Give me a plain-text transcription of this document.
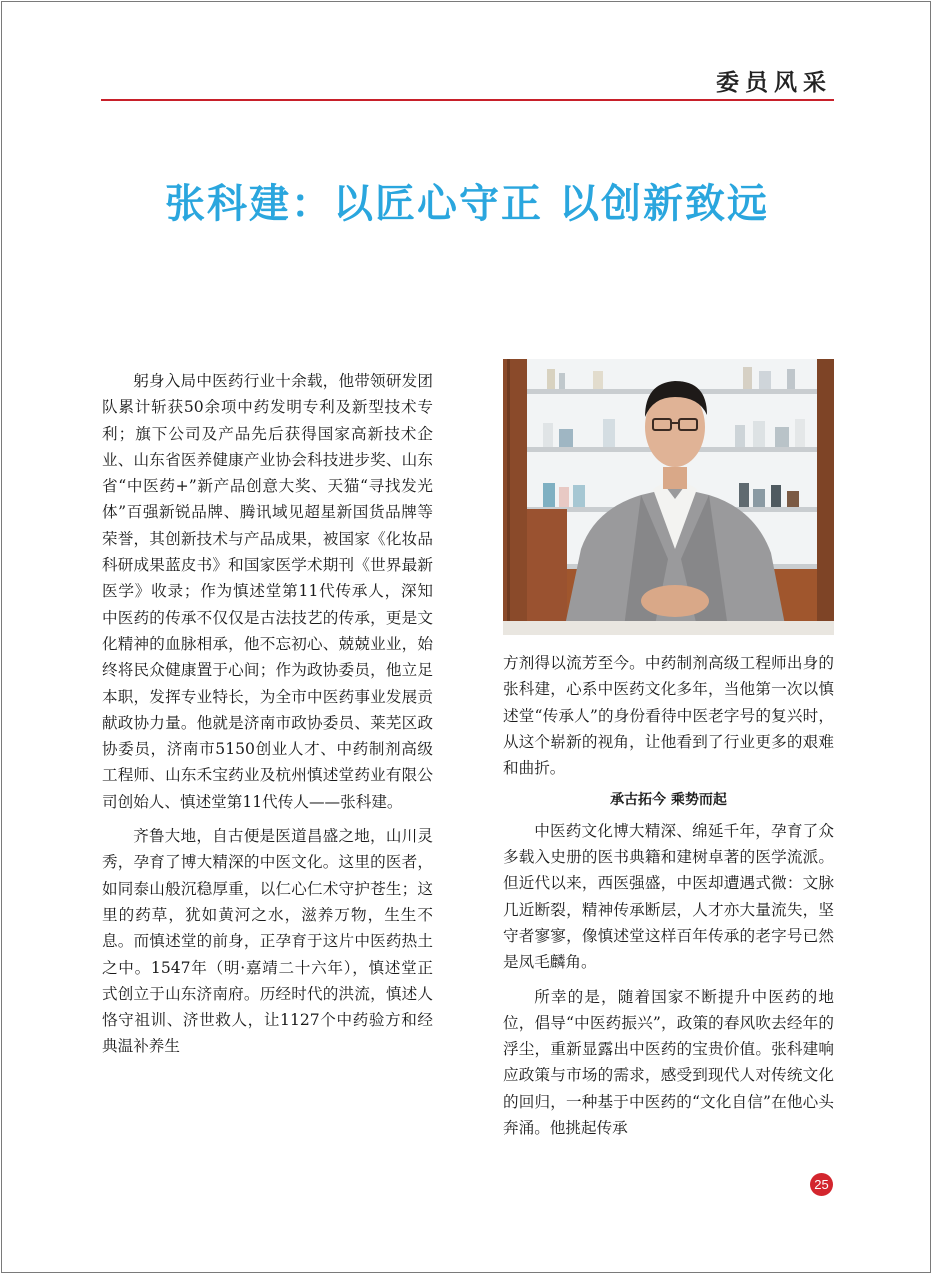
委员风采
张科建：以匠心守正 以创新致远

躬身入局中医药行业十余载，他带领研发团队累计斩获50余项中药发明专利及新型技术专利；旗下公司及产品先后获得国家高新技术企业、山东省医养健康产业协会科技进步奖、山东省“中医药+”新产品创意大奖、天猫“寻找发光体”百强新锐品牌、腾讯域见超星新国货品牌等荣誉，其创新技术与产品成果，被国家《化妆品科研成果蓝皮书》和国家医学术期刊《世界最新医学》收录；作为慎述堂第11代传承人，深知中医药的传承不仅仅是古法技艺的传承，更是文化精神的血脉相承，他不忘初心、兢兢业业，始终将民众健康置于心间；作为政协委员，他立足本职，发挥专业特长，为全市中医药事业发展贡献政协力量。他就是济南市政协委员、莱芜区政协委员，济南市5150创业人才、中药制剂高级工程师、山东禾宝药业及杭州慎述堂药业有限公司创始人、慎述堂第11代传人——张科建。

齐鲁大地，自古便是医道昌盛之地，山川灵秀，孕育了博大精深的中医文化。这里的医者，如同泰山般沉稳厚重，以仁心仁术守护苍生；这里的药草，犹如黄河之水，滋养万物，生生不息。而慎述堂的前身，正孕育于这片中医药热土之中。1547年（明·嘉靖二十六年），慎述堂正式创立于山东济南府。历经时代的洪流，慎述人恪守祖训、济世救人，让1127个中药验方和经典温补养生

方剂得以流芳至今。中药制剂高级工程师出身的张科建，心系中医药文化多年，当他第一次以慎述堂“传承人”的身份看待中医老字号的复兴时，从这个崭新的视角，让他看到了行业更多的艰难和曲折。

承古拓今 乘势而起

中医药文化博大精深、绵延千年，孕育了众多载入史册的医书典籍和建树卓著的医学流派。但近代以来，西医强盛，中医却遭遇式微：文脉几近断裂，精神传承断层，人才亦大量流失，坚守者寥寥，像慎述堂这样百年传承的老字号已然是凤毛麟角。

所幸的是，随着国家不断提升中医药的地位，倡导“中医药振兴”，政策的春风吹去经年的浮尘，重新显露出中医药的宝贵价值。张科建响应政策与市场的需求，感受到现代人对传统文化的回归，一种基于中医药的“文化自信”在他心头奔涌。他挑起传承

25
